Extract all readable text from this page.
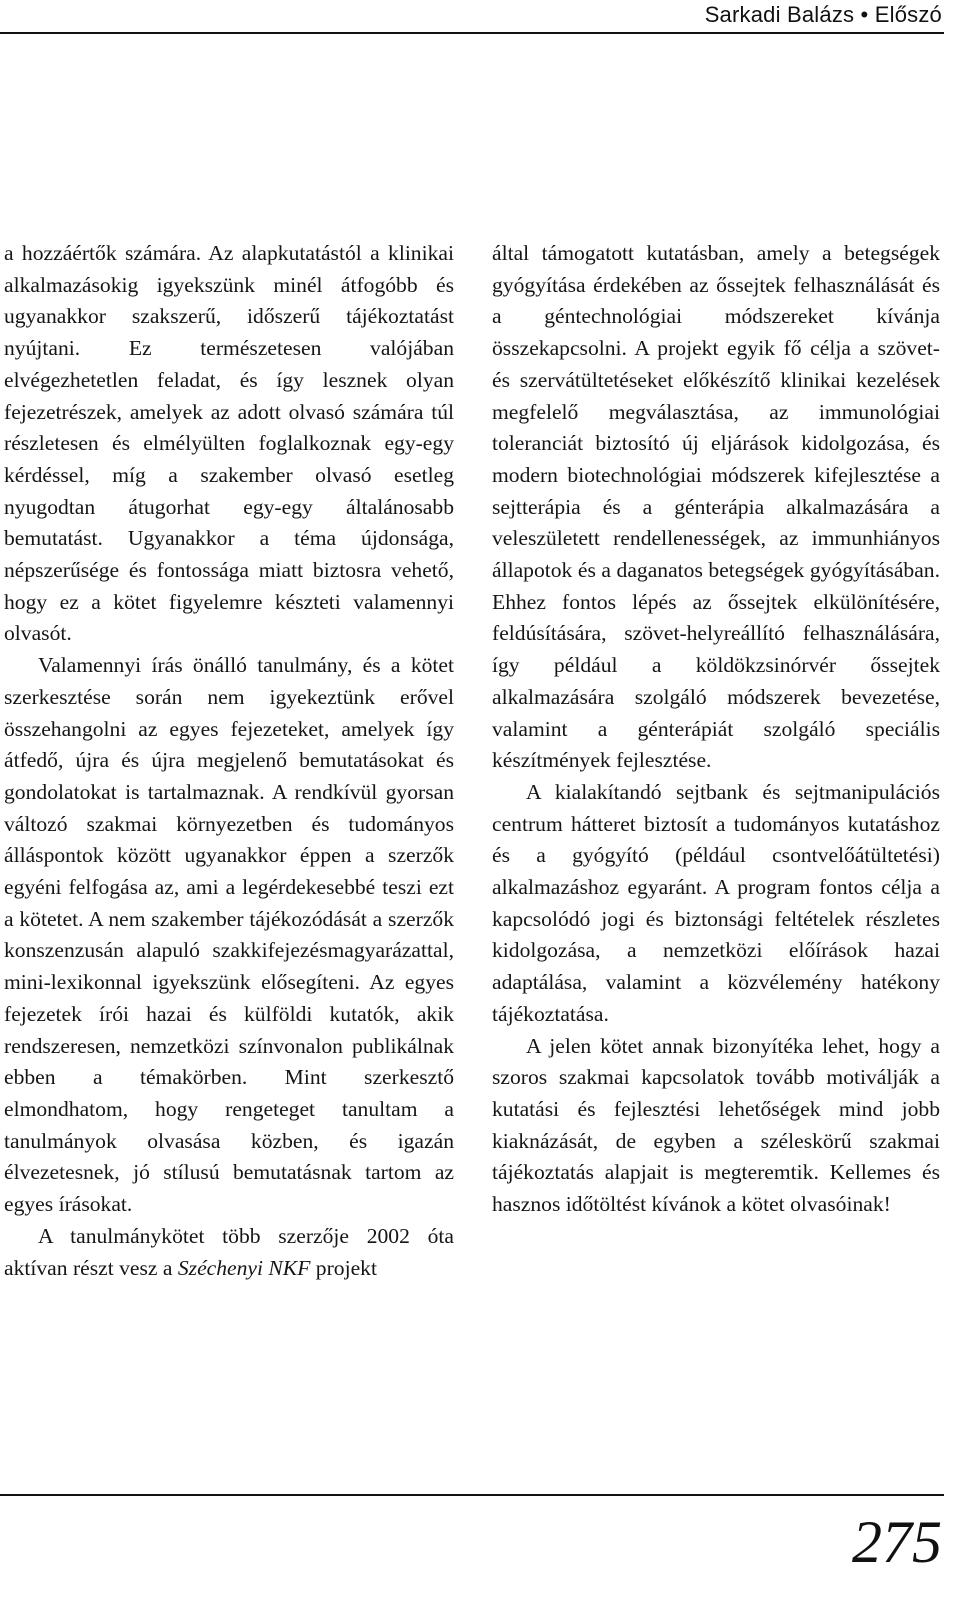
Sarkadi Balázs • Előszó

a hozzáértők számára. Az alapkutatástól a klinikai alkalmazásokig igyekszünk minél átfogóbb és ugyanakkor szakszerű, időszerű tájékoztatást nyújtani. Ez természetesen valójában elvégezhetetlen feladat, és így lesznek olyan fejezetrészek, amelyek az adott olvasó számára túl részletesen és elmélyülten foglalkoznak egy-egy kérdéssel, míg a szakember olvasó esetleg nyugodtan átugorhat egy-egy általánosabb bemutatást. Ugyanakkor a téma újdonsága, népszerűsége és fontossága miatt biztosra vehető, hogy ez a kötet figyelemre készteti valamennyi olvasót.

Valamennyi írás önálló tanulmány, és a kötet szerkesztése során nem igyekeztünk erővel összehangolni az egyes fejezeteket, amelyek így átfedő, újra és újra megjelenő bemutatásokat és gondolatokat is tartalmaznak. A rendkívül gyorsan változó szakmai környezetben és tudományos álláspontok között ugyanakkor éppen a szerzők egyéni felfogása az, ami a legérdekesebbé teszi ezt a kötetet. A nem szakember tájékozódását a szerzők konszenzusán alapuló szakkifejezésmagyarázattal, mini-lexikonnal igyekszünk elősegíteni. Az egyes fejezetek írói hazai és külföldi kutatók, akik rendszeresen, nemzetközi színvonalon publikálnak ebben a témakörben. Mint szerkesztő elmondhatom, hogy rengeteget tanultam a tanulmányok olvasása közben, és igazán élvezetesnek, jó stílusú bemutatásnak tartom az egyes írásokat.

A tanulmánykötet több szerzője 2002 óta aktívan részt vesz a Széchenyi NKF projekt

által támogatott kutatásban, amely a betegségek gyógyítása érdekében az őssejtek felhasználását és a géntechnológiai módszereket kívánja összekapcsolni. A projekt egyik fő célja a szövet- és szervátültetéseket előkészítő klinikai kezelések megfelelő megválasztása, az immunológiai toleranciát biztosító új eljárások kidolgozása, és modern biotechnológiai módszerek kifejlesztése a sejtterápia és a génterápia alkalmazására a veleszületett rendellenességek, az immunhiányos állapotok és a daganatos betegségek gyógyításában. Ehhez fontos lépés az őssejtek elkülönítésére, feldúsítására, szövet-helyreállító felhasználására, így például a köldökzsinórvér őssejtek alkalmazására szolgáló módszerek bevezetése, valamint a génterápiát szolgáló speciális készítmények fejlesztése.

A kialakítandó sejtbank és sejtmanipulációs centrum hátteret biztosít a tudományos kutatáshoz és a gyógyító (például csontvelőátültetési) alkalmazáshoz egyaránt. A program fontos célja a kapcsolódó jogi és biztonsági feltételek részletes kidolgozása, a nemzetközi előírások hazai adaptálása, valamint a közvélemény hatékony tájékoztatása.

A jelen kötet annak bizonyítéka lehet, hogy a szoros szakmai kapcsolatok tovább motiválják a kutatási és fejlesztési lehetőségek mind jobb kiaknázását, de egyben a széleskörű szakmai tájékoztatás alapjait is megteremtik. Kellemes és hasznos időtöltést kívánok a kötet olvasóinak!

275
